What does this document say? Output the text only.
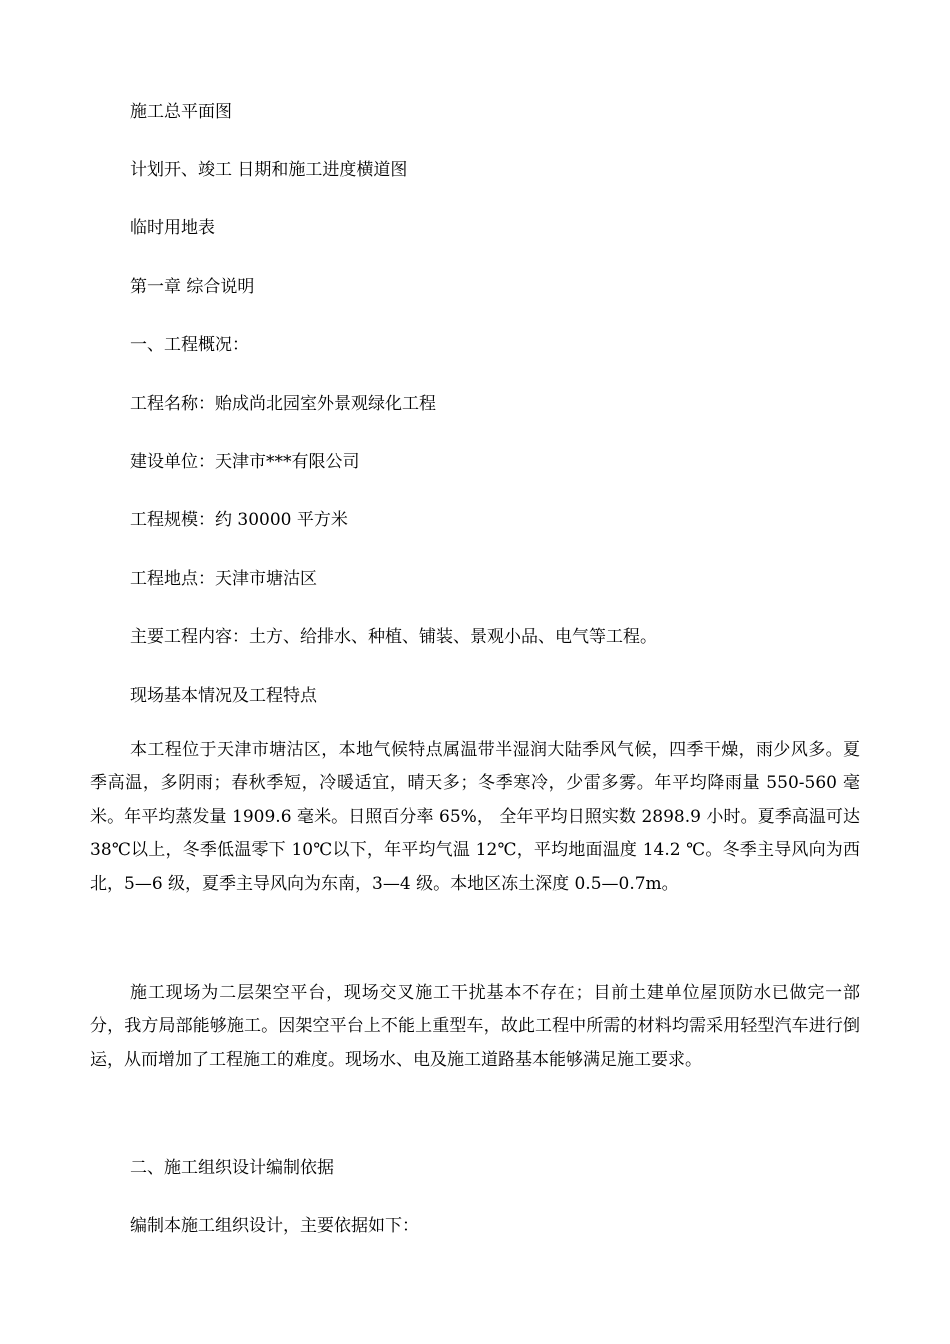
施工总平面图
计划开、竣工 日期和施工进度横道图
临时用地表
第一章 综合说明
一、工程概况：
工程名称：贻成尚北园室外景观绿化工程
建设单位：天津市***有限公司
工程规模：约 30000 平方米
工程地点：天津市塘沽区
主要工程内容：土方、给排水、种植、铺装、景观小品、电气等工程。
现场基本情况及工程特点
本工程位于天津市塘沽区，本地气候特点属温带半湿润大陆季风气候，四季干燥，雨少风多。夏季高温，多阴雨；春秋季短，冷暖适宜，晴天多；冬季寒冷，少雷多雾。年平均降雨量 550-560 毫米。年平均蒸发量 1909.6 毫米。日照百分率 65%， 全年平均日照实数 2898.9 小时。夏季高温可达 38℃以上，冬季低温零下 10℃以下，年平均气温 12℃，平均地面温度 14.2 ℃。冬季主导风向为西北，5—6 级，夏季主导风向为东南，3—4 级。本地区冻土深度 0.5—0.7m。
施工现场为二层架空平台，现场交叉施工干扰基本不存在；目前土建单位屋顶防水已做完一部分，我方局部能够施工。因架空平台上不能上重型车，故此工程中所需的材料均需采用轻型汽车进行倒运，从而增加了工程施工的难度。现场水、电及施工道路基本能够满足施工要求。
二、施工组织设计编制依据
编制本施工组织设计，主要依据如下：
